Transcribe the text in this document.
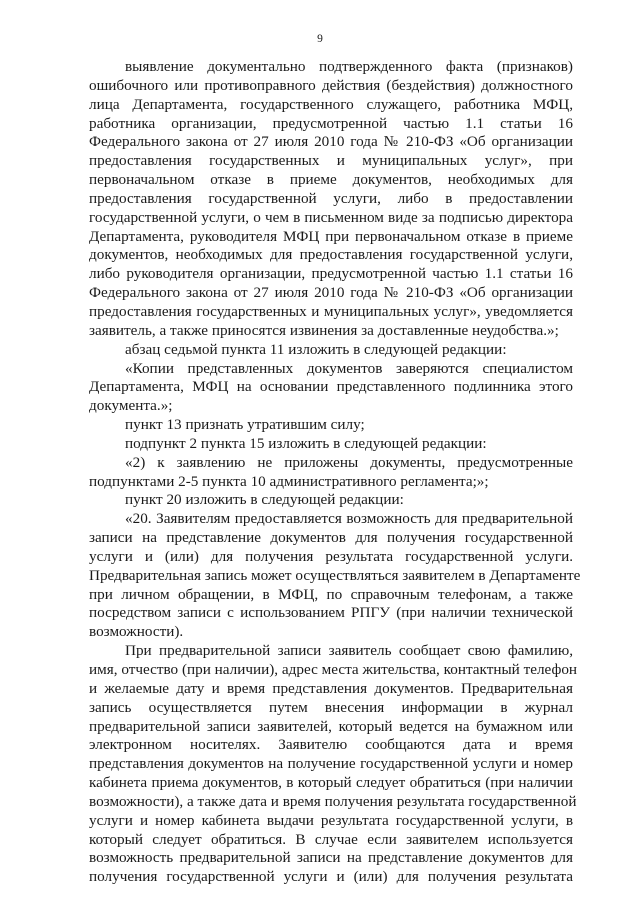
9
выявление документально подтвержденного факта (признаков)
ошибочного или противоправного действия (бездействия) должностного
лица Департамента, государственного служащего, работника МФЦ,
работника организации, предусмотренной частью 1.1 статьи 16
Федерального закона от 27 июля 2010 года № 210-ФЗ «Об организации
предоставления государственных и муниципальных услуг», при
первоначальном отказе в приеме документов, необходимых для
предоставления государственной услуги, либо в предоставлении
государственной услуги, о чем в письменном виде за подписью директора
Департамента, руководителя МФЦ при первоначальном отказе в приеме
документов, необходимых для предоставления государственной услуги,
либо руководителя организации, предусмотренной частью 1.1 статьи 16
Федерального закона от 27 июля 2010 года № 210-ФЗ «Об организации
предоставления государственных и муниципальных услуг», уведомляется
заявитель, а также приносятся извинения за доставленные неудобства.»;
абзац седьмой пункта 11 изложить в следующей редакции:
«Копии представленных документов заверяются специалистом
Департамента, МФЦ на основании представленного подлинника этого
документа.»;
пункт 13 признать утратившим силу;
подпункт 2 пункта 15 изложить в следующей редакции:
«2) к заявлению не приложены документы, предусмотренные
подпунктами 2-5 пункта 10 административного регламента;»;
пункт 20 изложить в следующей редакции:
«20. Заявителям предоставляется возможность для предварительной
записи на представление документов для получения государственной
услуги и (или) для получения результата государственной услуги.
Предварительная запись может осуществляться заявителем в Департаменте
при личном обращении, в МФЦ, по справочным телефонам, а также
посредством записи с использованием РПГУ (при наличии технической
возможности).
При предварительной записи заявитель сообщает свою фамилию,
имя, отчество (при наличии), адрес места жительства, контактный телефон
и желаемые дату и время представления документов. Предварительная
запись осуществляется путем внесения информации в журнал
предварительной записи заявителей, который ведется на бумажном или
электронном носителях. Заявителю сообщаются дата и время
представления документов на получение государственной услуги и номер
кабинета приема документов, в который следует обратиться (при наличии
возможности), а также дата и время получения результата государственной
услуги и номер кабинета выдачи результата государственной услуги, в
который следует обратиться. В случае если заявителем используется
возможность предварительной записи на представление документов для
получения государственной услуги и (или) для получения результата
